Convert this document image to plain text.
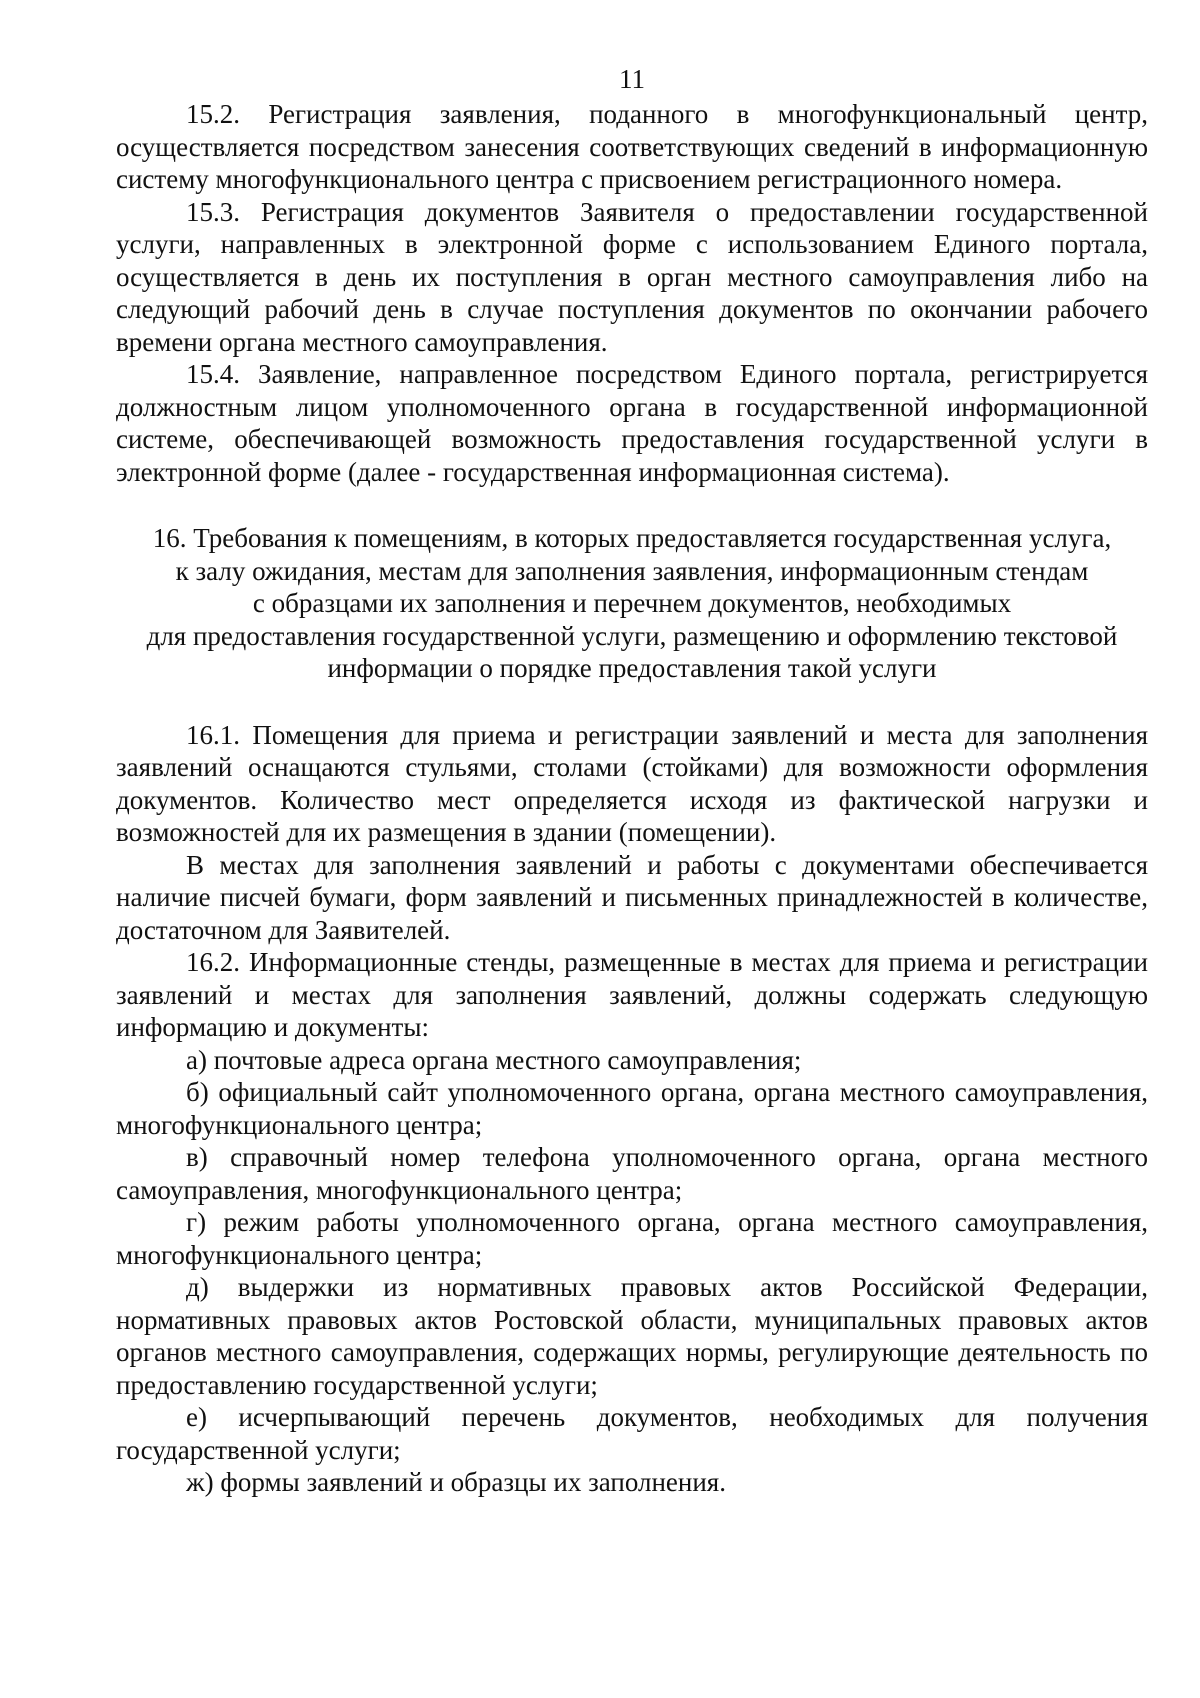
11

15.2. Регистрация заявления, поданного в многофункциональный центр, осуществляется посредством занесения соответствующих сведений в информационную систему многофункционального центра с присвоением регистрационного номера.

15.3. Регистрация документов Заявителя о предоставлении государственной услуги, направленных в электронной форме с использованием Единого портала, осуществляется в день их поступления в орган местного самоуправления либо на следующий рабочий день в случае поступления документов по окончании рабочего времени органа местного самоуправления.

15.4. Заявление, направленное посредством Единого портала, регистрируется должностным лицом уполномоченного органа в государственной информационной системе, обеспечивающей возможность предоставления государственной услуги в электронной форме (далее - государственная информационная система).

16. Требования к помещениям, в которых предоставляется государственная услуга,
к залу ожидания, местам для заполнения заявления, информационным стендам
с образцами их заполнения и перечнем документов, необходимых
для предоставления государственной услуги, размещению и оформлению текстовой
информации о порядке предоставления такой услуги

16.1. Помещения для приема и регистрации заявлений и места для заполнения заявлений оснащаются стульями, столами (стойками) для возможности оформления документов. Количество мест определяется исходя из фактической нагрузки и возможностей для их размещения в здании (помещении).

В местах для заполнения заявлений и работы с документами обеспечивается наличие писчей бумаги, форм заявлений и письменных принадлежностей в количестве, достаточном для Заявителей.

16.2. Информационные стенды, размещенные в местах для приема и регистрации заявлений и местах для заполнения заявлений, должны содержать следующую информацию и документы:

а) почтовые адреса органа местного самоуправления;

б) официальный сайт уполномоченного органа, органа местного самоуправления, многофункционального центра;

в) справочный номер телефона уполномоченного органа, органа местного самоуправления, многофункционального центра;

г) режим работы уполномоченного органа, органа местного самоуправления, многофункционального центра;

д) выдержки из нормативных правовых актов Российской Федерации, нормативных правовых актов Ростовской области, муниципальных правовых актов органов местного самоуправления, содержащих нормы, регулирующие деятельность по предоставлению государственной услуги;

е) исчерпывающий перечень документов, необходимых для получения государственной услуги;

ж) формы заявлений и образцы их заполнения.
